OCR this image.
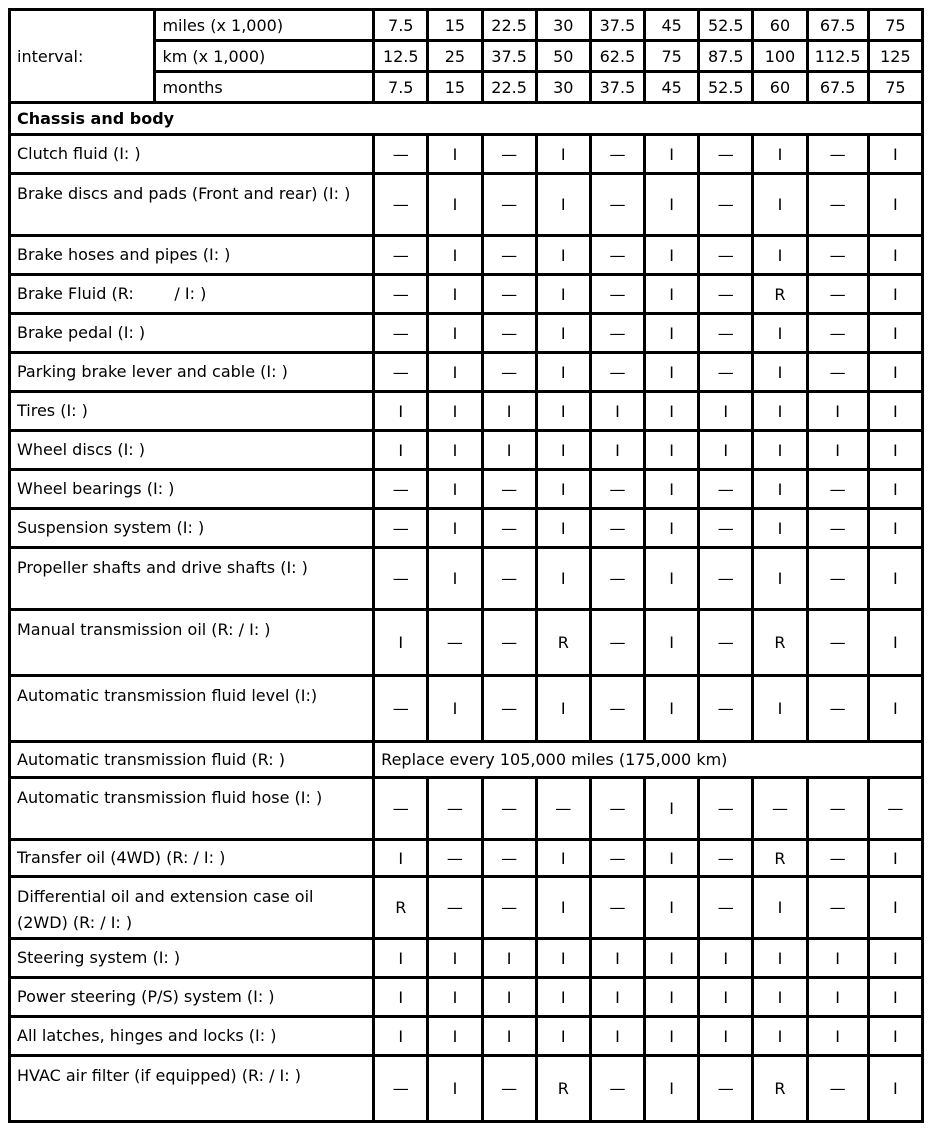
interval:	miles (x 1,000)	7.5	15	22.5	30	37.5	45	52.5	60	67.5	75
	km (x 1,000)	12.5	25	37.5	50	62.5	75	87.5	100	112.5	125
	months	7.5	15	22.5	30	37.5	45	52.5	60	67.5	75
Chassis and body											
Clutch fluid (I: )		—	I	—	I	—	I	—	I	—	I
Brake discs and pads (Front and rear) (I: )		—	I	—	I	—	I	—	I	—	I
Brake hoses and pipes (I: )		—	I	—	I	—	I	—	I	—	I
Brake Fluid (R:        / I: )		—	I	—	I	—	I	—	R	—	I
Brake pedal (I: )		—	I	—	I	—	I	—	I	—	I
Parking brake lever and cable (I: )		—	I	—	I	—	I	—	I	—	I
Tires (I: )		I	I	I	I	I	I	I	I	I	I
Wheel discs (I: )		I	I	I	I	I	I	I	I	I	I
Wheel bearings (I: )		—	I	—	I	—	I	—	I	—	I
Suspension system (I: )		—	I	—	I	—	I	—	I	—	I
Propeller shafts and drive shafts (I: )		—	I	—	I	—	I	—	I	—	I
Manual transmission oil (R: / I: )		I	—	—	R	—	I	—	R	—	I
Automatic transmission fluid level (I:)		—	I	—	I	—	I	—	I	—	I
Automatic transmission fluid (R: )		Replace every 105,000 miles (175,000 km)									
Automatic transmission fluid hose (I: )		—	—	—	—	—	I	—	—	—	—
Transfer oil (4WD) (R: / I: )		I	—	—	I	—	I	—	R	—	I
Differential oil and extension case oil (2WD) (R: / I: )		R	—	—	I	—	I	—	I	—	I
Steering system (I: )		I	I	I	I	I	I	I	I	I	I
Power steering (P/S) system (I: )		I	I	I	I	I	I	I	I	I	I
All latches, hinges and locks (I: )		I	I	I	I	I	I	I	I	I	I
HVAC air filter (if equipped) (R: / I: )		—	I	—	R	—	I	—	R	—	I
